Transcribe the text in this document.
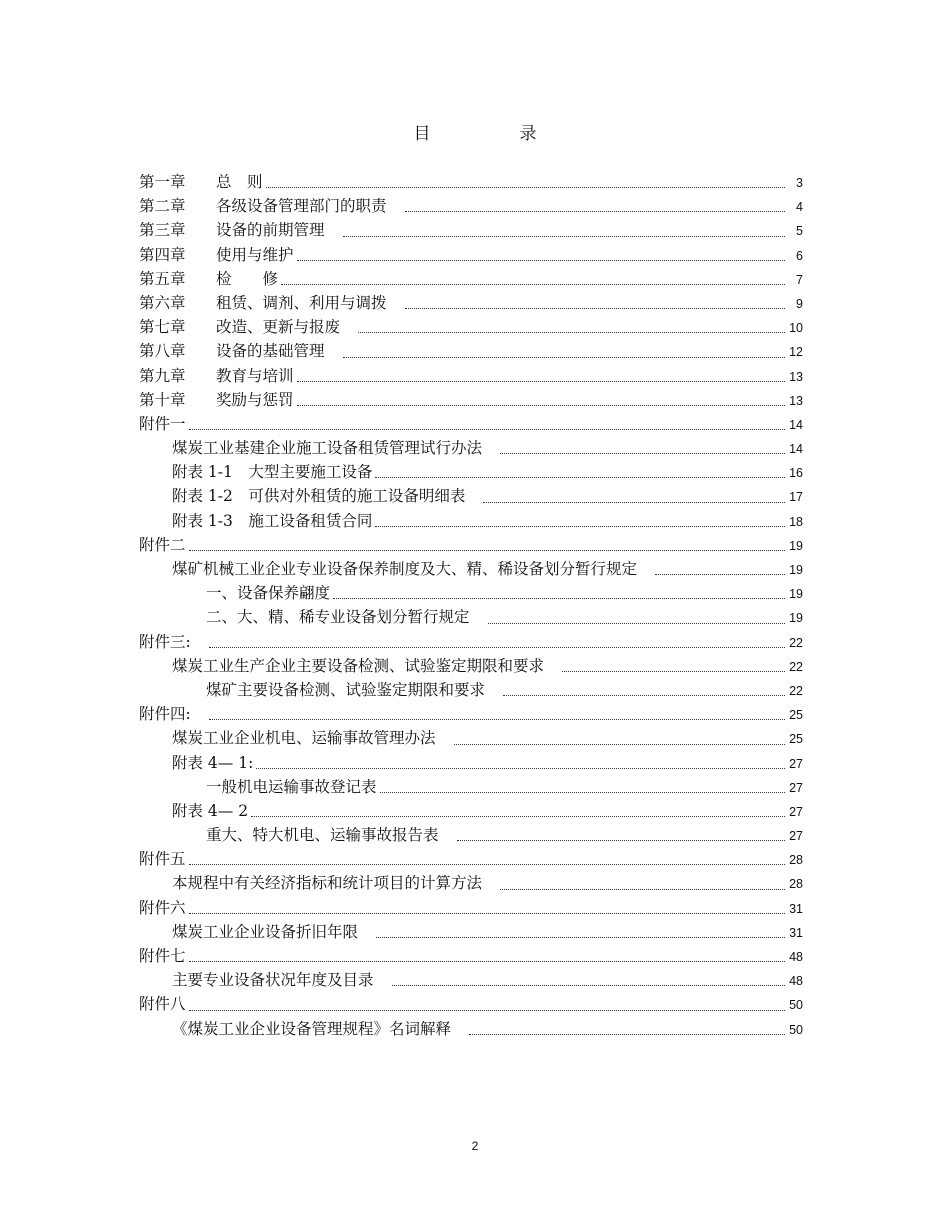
目　录
第一章	总　则	3
第二章	各级设备管理部门的职责	4
第三章	设备的前期管理	5
第四章	使用与维护	6
第五章	检　　修	7
第六章	租赁、调剂、利用与调拨	9
第七章	改造、更新与报废	10
第八章	设备的基础管理	12
第九章	教育与培训	13
第十章	奖励与惩罚	13
附件一	14
煤炭工业基建企业施工设备租赁管理试行办法	14
附表 1-1　大型主要施工设备	16
附表 1-2　可供对外租赁的施工设备明细表	17
附表 1-3　施工设备租赁合同	18
附件二	19
煤矿机械工业企业专业设备保养制度及大、精、稀设备划分暂行规定	19
一、设备保养翩度	19
二、大、精、稀专业设备划分暂行规定	19
附件三:	22
煤炭工业生产企业主要设备检测、试验鉴定期限和要求	22
煤矿主要设备检测、试验鉴定期限和要求	22
附件四:	25
煤炭工业企业机电、运输事故管理办法	25
附表 4— 1:	27
一般机电运输事故登记表	27
附表 4— 2	27
重大、特大机电、运输事故报告表	27
附件五	28
本规程中有关经济指标和统计项目的计算方法	28
附件六	31
煤炭工业企业设备折旧年限	31
附件七	48
主要专业设备状况年度及目录	48
附件八	50
《煤炭工业企业设备管理规程》名词解释	50
2
